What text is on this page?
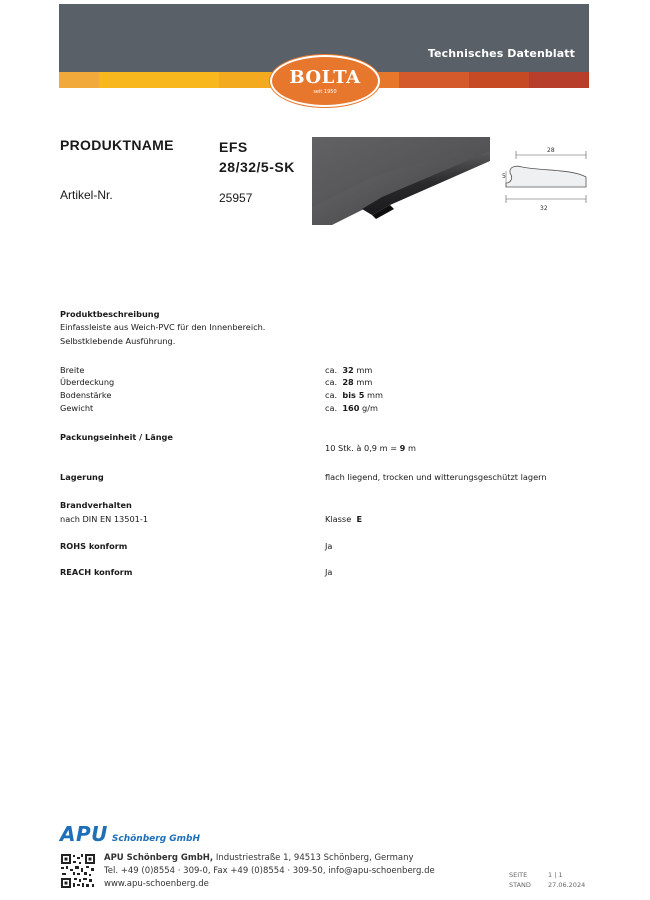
Technisches Datenblatt
BOLTA
seit 1950
PRODUKTNAME	EFS
28/32/5-SK
Artikel-Nr.	25957
28
5
32
Produktbeschreibung
Einfassleiste aus Weich-PVC für den Innenbereich.
Selbstklebende Ausführung.
Breite	ca. 32 mm
Überdeckung	ca. 28 mm
Bodenstärke	ca. bis 5 mm
Gewicht	ca. 160 g/m
Packungseinheit / Länge
10 Stk. à 0,9 m = 9 m
Lagerung	flach liegend, trocken und witterungsgeschützt lagern
Brandverhalten
nach DIN EN 13501-1	Klasse E
ROHS konform	Ja
REACH konform	Ja
APU Schönberg GmbH
APU Schönberg GmbH, Industriestraße 1, 94513 Schönberg, Germany
Tel. +49 (0)8554 · 309-0, Fax +49 (0)8554 · 309-50, info@apu-schoenberg.de
www.apu-schoenberg.de
SEITE	1 | 1
STAND	27.06.2024
